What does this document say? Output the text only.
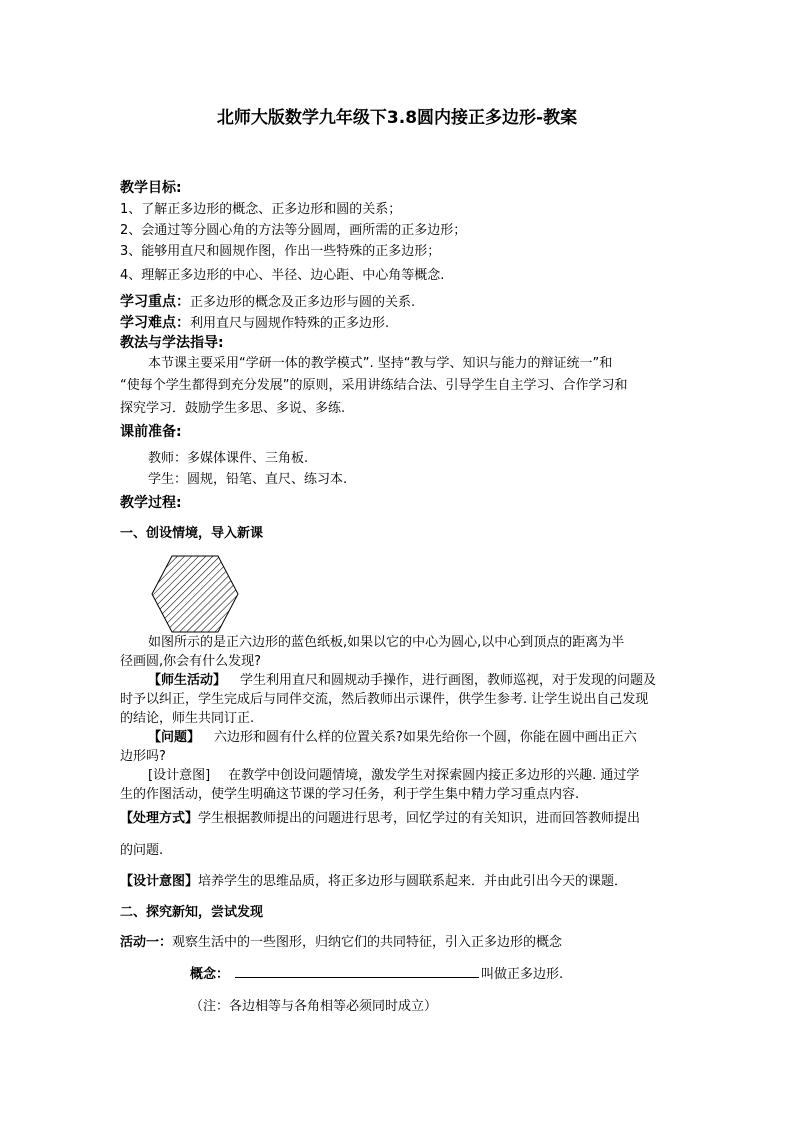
北师大版数学九年级下3.8圆内接正多边形-教案
教学目标:
1、了解正多边形的概念、正多边形和圆的关系；
2、会通过等分圆心角的方法等分圆周，画所需的正多边形；
3、能够用直尺和圆规作图，作出一些特殊的正多边形；
4、理解正多边形的中心、半径、边心距、中心角等概念.
学习重点：正多边形的概念及正多边形与圆的关系.
学习难点：利用直尺与圆规作特殊的正多边形.
教法与学法指导:
本节课主要采用“学研一体的教学模式”. 坚持“教与学、知识与能力的辩证统一”和
“使每个学生都得到充分发展”的原则，采用讲练结合法、引导学生自主学习、合作学习和
探究学习．鼓励学生多思、多说、多练.
课前准备:
教师：多媒体课件、三角板.
学生：圆规，铅笔、直尺、练习本.
教学过程:
一、创设情境，导入新课
如图所示的是正六边形的蓝色纸板,如果以它的中心为圆心,以中心到顶点的距离为半
径画圆,你会有什么发现?
【师生活动】 学生利用直尺和圆规动手操作，进行画图，教师巡视，对于发现的问题及
时予以纠正，学生完成后与同伴交流，然后教师出示课件，供学生参考. 让学生说出自己发现
的结论，师生共同订正.
【问题】 六边形和圆有什么样的位置关系?如果先给你一个圆，你能在圆中画出正六
边形吗?
[设计意图] 在教学中创设问题情境，激发学生对探索圆内接正多边形的兴趣. 通过学
生的作图活动，使学生明确这节课的学习任务，利于学生集中精力学习重点内容.
【处理方式】学生根据教师提出的问题进行思考，回忆学过的有关知识，进而回答教师提出
的问题.
【设计意图】培养学生的思维品质，将正多边形与圆联系起来．并由此引出今天的课题．
二、探究新知，尝试发现
活动一：观察生活中的一些图形，归纳它们的共同特征，引入正多边形的概念
概念：	叫做正多边形.
（注：各边相等与各角相等必须同时成立）
